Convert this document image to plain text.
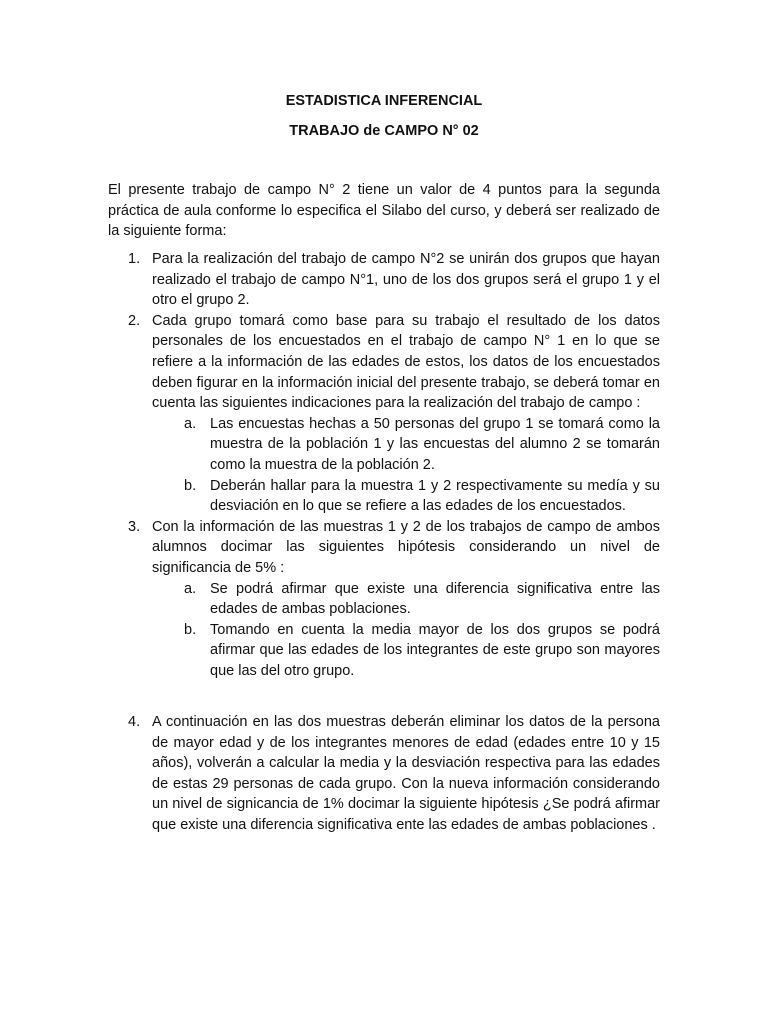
ESTADISTICA INFERENCIAL
TRABAJO de CAMPO N° 02

El presente trabajo de campo N° 2 tiene un valor de 4 puntos para la segunda práctica de aula conforme lo especifica el Silabo del curso, y deberá ser realizado de la siguiente forma:

1. Para la realización del trabajo de campo N°2 se unirán dos grupos que hayan realizado el trabajo de campo N°1, uno de los dos grupos será el grupo 1 y el otro el grupo 2.
2. Cada grupo tomará como base para su trabajo el resultado de los datos personales de los encuestados en el trabajo de campo N° 1 en lo que se refiere a la información de las edades de estos, los datos de los encuestados deben figurar en la información inicial del presente trabajo, se deberá tomar en cuenta las siguientes indicaciones para la realización del trabajo de campo :
a. Las encuestas hechas a 50 personas del grupo 1 se tomará como la muestra de la población 1 y las encuestas del alumno 2 se tomarán como la muestra de la población 2.
b. Deberán hallar para la muestra 1 y 2 respectivamente su medía y su desviación en lo que se refiere a las edades de los encuestados.
3. Con la información de las muestras 1 y 2 de los trabajos de campo de ambos alumnos docimar las siguientes hipótesis considerando un nivel de significancia de 5% :
a. Se podrá afirmar que existe una diferencia significativa entre las edades de ambas poblaciones.
b. Tomando en cuenta la media mayor de los dos grupos se podrá afirmar que las edades de los integrantes de este grupo son mayores que las del otro grupo.
4. A continuación en las dos muestras deberán eliminar los datos de la persona de mayor edad y de los integrantes menores de edad (edades entre 10 y 15 años), volverán a calcular la media y la desviación respectiva para las edades de estas 29 personas de cada grupo. Con la nueva información considerando un nivel de signicancia de 1% docimar la siguiente hipótesis ¿Se podrá afirmar que existe una diferencia significativa ente las edades de ambas poblaciones .
